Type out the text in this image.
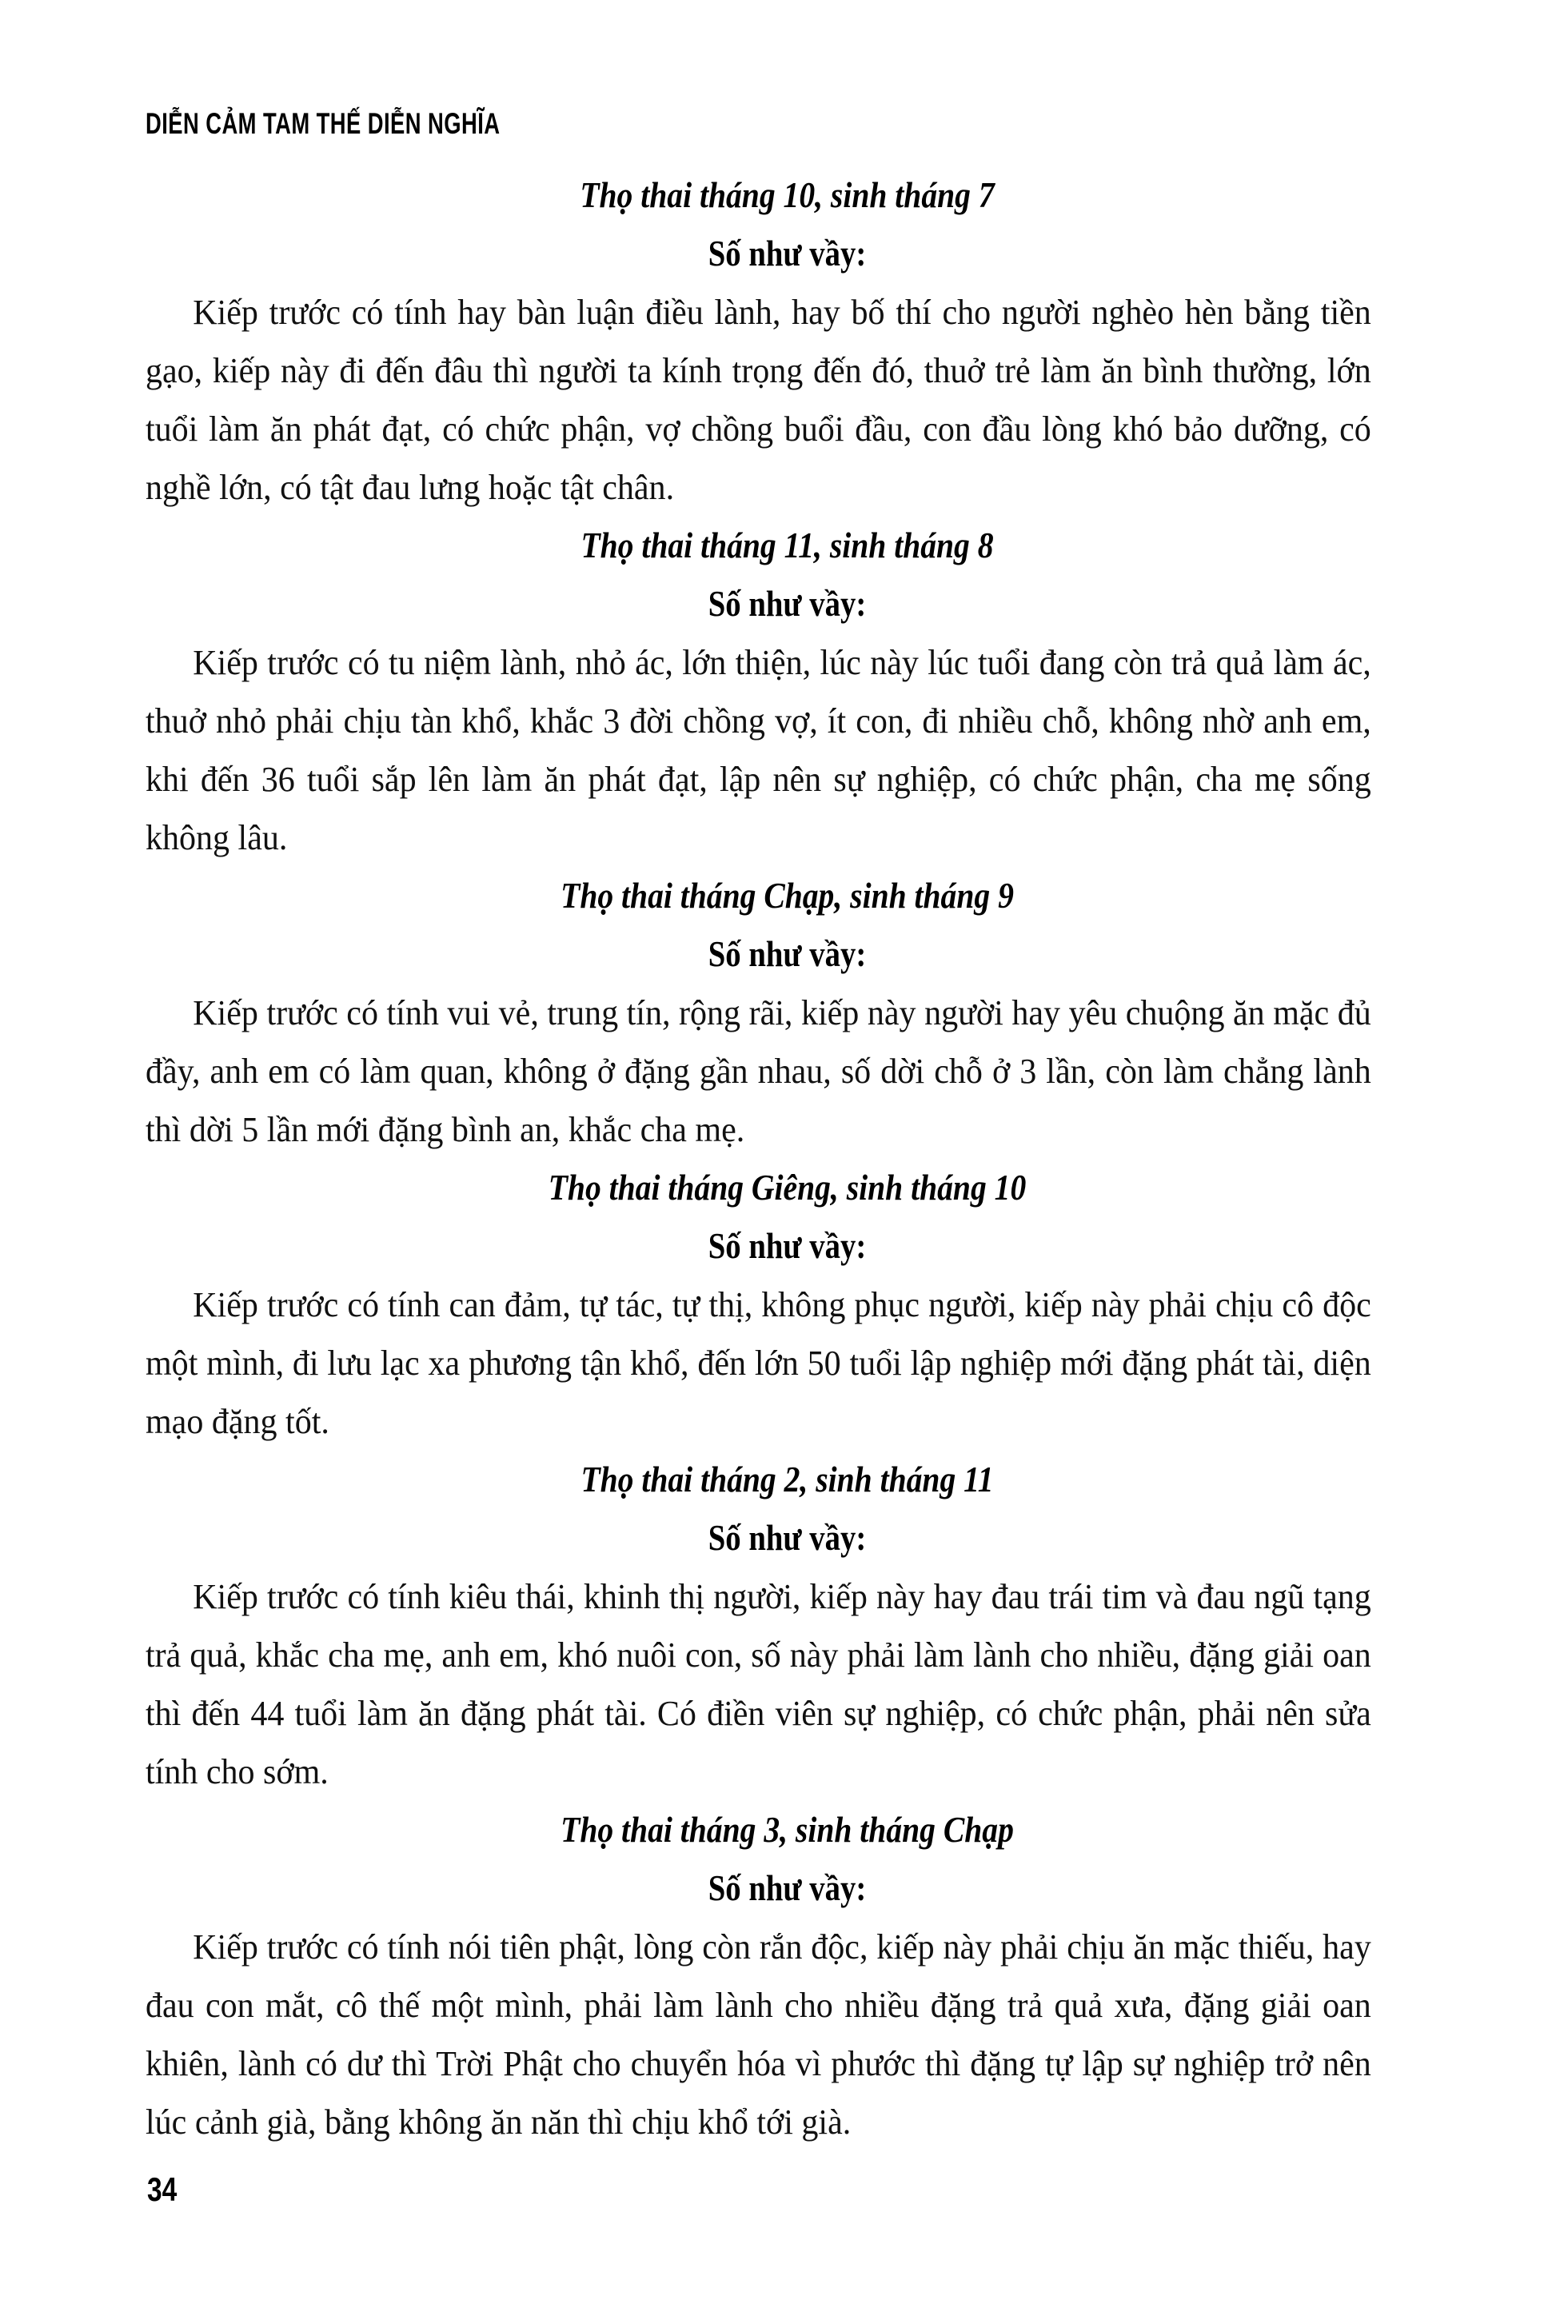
DIỄN CẢM TAM THẾ DIỄN NGHĨA
Thọ thai tháng 10, sinh tháng 7
Số như vầy:

Kiếp trước có tính hay bàn luận điều lành, hay bố thí cho người nghèo hèn bằng tiền gạo, kiếp này đi đến đâu thì người ta kính trọng đến đó, thuở trẻ làm ăn bình thường, lớn tuổi làm ăn phát đạt, có chức phận, vợ chồng buổi đầu, con đầu lòng khó bảo dưỡng, có nghề lớn, có tật đau lưng hoặc tật chân.

Thọ thai tháng 11, sinh tháng 8
Số như vầy:

Kiếp trước có tu niệm lành, nhỏ ác, lớn thiện, lúc này lúc tuổi đang còn trả quả làm ác, thuở nhỏ phải chịu tàn khổ, khắc 3 đời chồng vợ, ít con, đi nhiều chỗ, không nhờ anh em, khi đến 36 tuổi sắp lên làm ăn phát đạt, lập nên sự nghiệp, có chức phận, cha mẹ sống không lâu.

Thọ thai tháng Chạp, sinh tháng 9
Số như vầy:

Kiếp trước có tính vui vẻ, trung tín, rộng rãi, kiếp này người hay yêu chuộng ăn mặc đủ đầy, anh em có làm quan, không ở đặng gần nhau, số dời chỗ ở 3 lần, còn làm chẳng lành thì dời 5 lần mới đặng bình an, khắc cha mẹ.

Thọ thai tháng Giêng, sinh tháng 10
Số như vầy:

Kiếp trước có tính can đảm, tự tác, tự thị, không phục người, kiếp này phải chịu cô độc một mình, đi lưu lạc xa phương tận khổ, đến lớn 50 tuổi lập nghiệp mới đặng phát tài, diện mạo đặng tốt.

Thọ thai tháng 2, sinh tháng 11
Số như vầy:

Kiếp trước có tính kiêu thái, khinh thị người, kiếp này hay đau trái tim và đau ngũ tạng trả quả, khắc cha mẹ, anh em, khó nuôi con, số này phải làm lành cho nhiều, đặng giải oan thì đến 44 tuổi làm ăn đặng phát tài. Có điền viên sự nghiệp, có chức phận, phải nên sửa tính cho sớm.

Thọ thai tháng 3, sinh tháng Chạp
Số như vầy:

Kiếp trước có tính nói tiên phật, lòng còn rắn độc, kiếp này phải chịu ăn mặc thiếu, hay đau con mắt, cô thế một mình, phải làm lành cho nhiều đặng trả quả xưa, đặng giải oan khiên, lành có dư thì Trời Phật cho chuyển hóa vì phước thì đặng tự lập sự nghiệp trở nên lúc cảnh già, bằng không ăn năn thì chịu khổ tới già.

34
